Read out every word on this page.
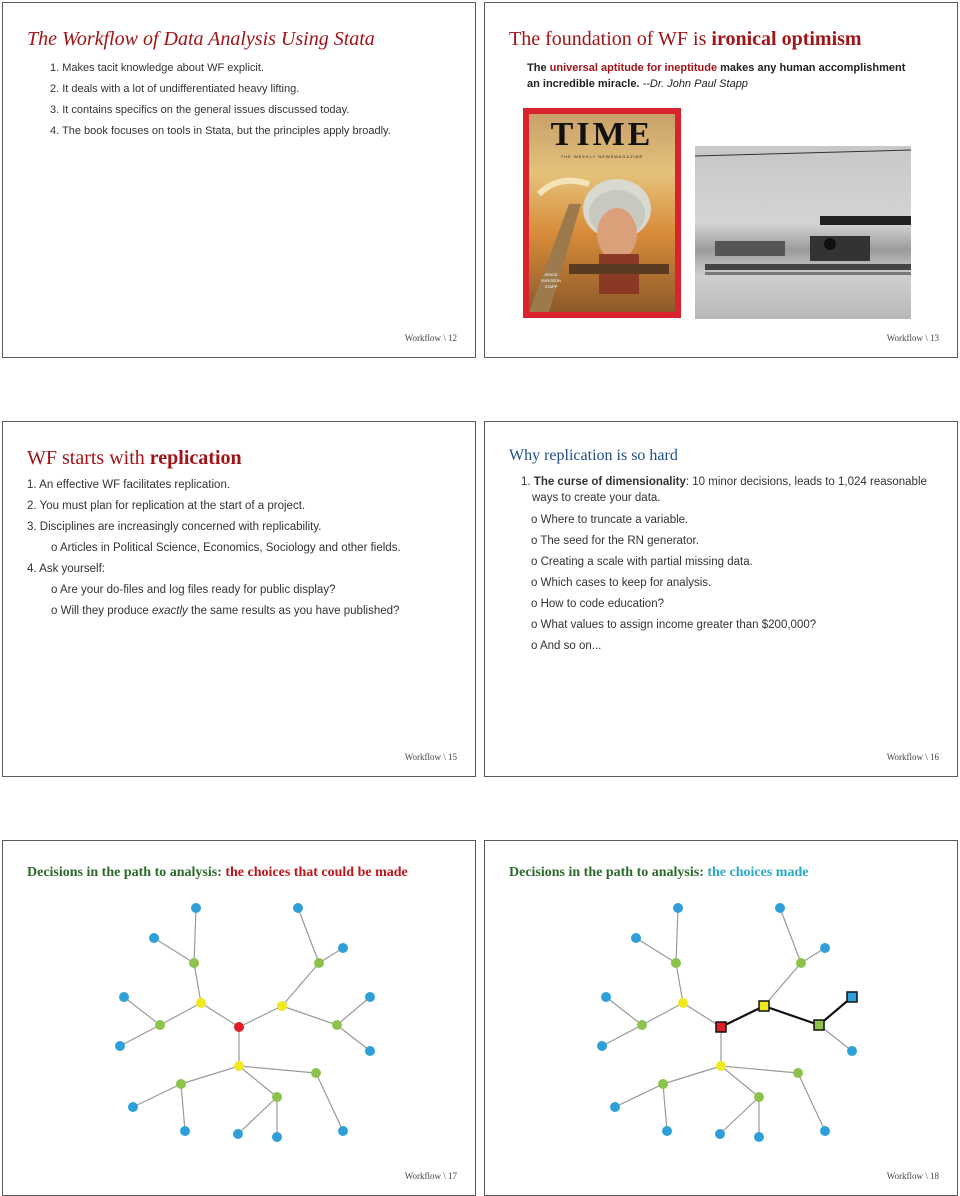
The Workflow of Data Analysis Using Stata
1. Makes tacit knowledge about WF explicit.
2. It deals with a lot of undifferentiated heavy lifting.
3. It contains specifics on the general issues discussed today.
4. The book focuses on tools in Stata, but the principles apply broadly.
Workflow \ 12
The foundation of WF is ironical optimism
The universal aptitude for ineptitude makes any human accomplishment
an incredible miracle. --Dr. John Paul Stapp
TIME
THE WEEKLY NEWSMAGAZINE
SPACE SURGEON STAPP
Workflow \ 13
WF starts with replication
1. An effective WF facilitates replication.
2. You must plan for replication at the start of a project.
3. Disciplines are increasingly concerned with replicability.
o Articles in Political Science, Economics, Sociology and other fields.
4. Ask yourself:
o Are your do-files and log files ready for public display?
o Will they produce exactly the same results as you have published?
Workflow \ 15
Why replication is so hard
1. The curse of dimensionality: 10 minor decisions, leads to 1,024 reasonable
ways to create your data.
o Where to truncate a variable.
o The seed for the RN generator.
o Creating a scale with partial missing data.
o Which cases to keep for analysis.
o How to code education?
o What values to assign income greater than $200,000?
o And so on...
Workflow \ 16
Decisions in the path to analysis: the choices that could be made
Workflow \ 17
Decisions in the path to analysis: the choices made
Workflow \ 18
